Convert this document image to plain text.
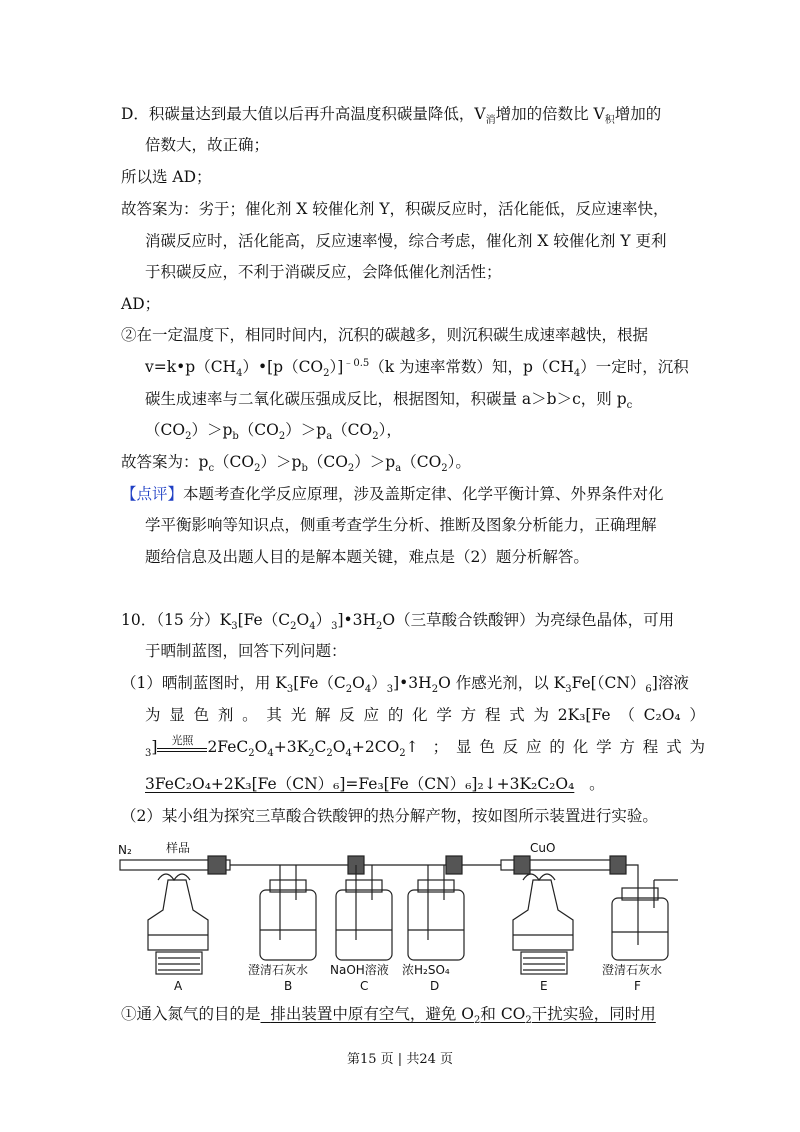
D．积碳量达到最大值以后再升高温度积碳量降低，$V_消$增加的倍数比 $V_积$增加的
倍数大，故正确；
所以选 AD；
故答案为：劣于；催化剂 X 较催化剂 Y，积碳反应时，活化能低，反应速率快，
消碳反应时，活化能高，反应速率慢，综合考虑，催化剂 X 较催化剂 Y 更利
于积碳反应，不利于消碳反应，会降低催化剂活性；
AD；
②在一定温度下，相同时间内，沉积的碳越多，则沉积碳生成速率越快，根据
$v=k•p(CH_4)•[p(CO_2)]^{﹣0.5}(k$ 为速率常数）知，$p(CH_4)$一定时，沉积
碳生成速率与二氧化碳压强成反比，根据图知，积碳量 a＞b＞c，则 $p_c$
$(CO_2)>p_b(CO_2)>p_a(CO_2)$，
故答案为：$p_c(CO_2)>p_b(CO_2)>p_a(CO_2)$。
【点评】本题考查化学反应原理，涉及盖斯定律、化学平衡计算、外界条件对化
学平衡影响等知识点，侧重考查学生分析、推断及图象分析能力，正确理解
题给信息及出题人目的是解本题关键，难点是（2）题分析解答。
10．（15 分）$K_3[Fe(C_2O_4)_3]•3H_2O$（三草酸合铁酸钾）为亮绿色晶体，可用
于晒制蓝图，回答下列问题：
（1）晒制蓝图时，用 $K_3[Fe(C_2O_4)_3]•3H_2O$ 作感光剂，以 $K_3Fe[(CN)_6]$溶液
为 显 色 剂 。 其 光 解 反 应 的 化 学 方 程 式 为 2K₃[Fe （ C₂O₄ ）
$_3$]	光照 $2FeC_2O_4+3K_2C_2O_4+2CO_2↑$ ； 显 色 反 应 的 化 学 方 程 式 为
3FeC₂O₄+2K₃[Fe（CN）₆]=Fe₃[Fe（CN）₆]₂↓+3K₂C₂O₄ 。
（2）某小组为探究三草酸合铁酸钾的热分解产物，按如图所示装置进行实验。
N₂	样品	CuO
澄清石灰水 NaOH溶液 浓H₂SO₄	澄清石灰水
A	B	C	D	E	F
①通入氮气的目的是 排出装置中原有空气，避免 $O_2$和 $CO_2$干扰实验，同时用
第15 页 | 共24 页
